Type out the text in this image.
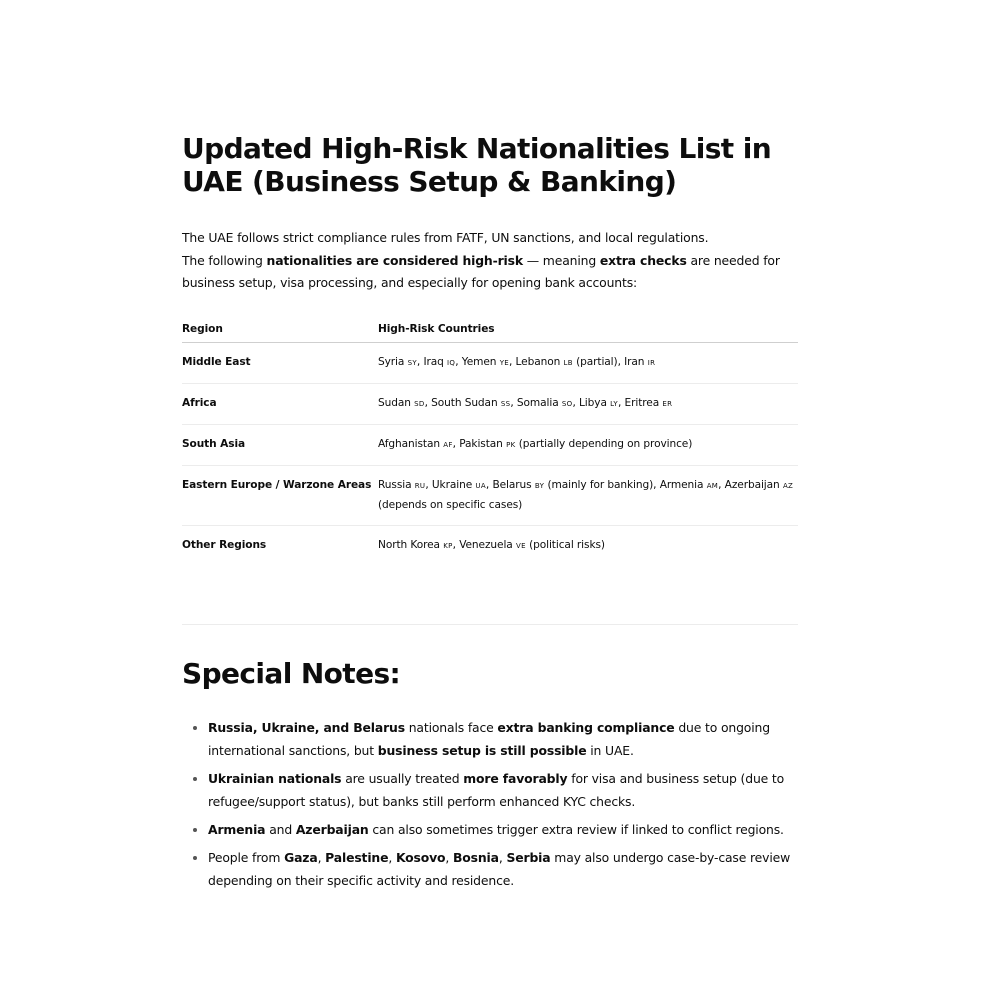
Updated High-Risk Nationalities List in UAE (Business Setup & Banking)

The UAE follows strict compliance rules from FATF, UN sanctions, and local regulations.

The following nationalities are considered high-risk — meaning extra checks are needed for business setup, visa processing, and especially for opening bank accounts:

Region	High-Risk Countries
Middle East	Syria SY, Iraq IQ, Yemen YE, Lebanon LB (partial), Iran IR
Africa	Sudan SD, South Sudan SS, Somalia SO, Libya LY, Eritrea ER
South Asia	Afghanistan AF, Pakistan PK (partially depending on province)
Eastern Europe / Warzone Areas	Russia RU, Ukraine UA, Belarus BY (mainly for banking), Armenia AM, Azerbaijan AZ (depends on specific cases)
Other Regions	North Korea KP, Venezuela VE (political risks)
Special Notes:
• Russia, Ukraine, and Belarus nationals face extra banking compliance due to ongoing international sanctions, but business setup is still possible in UAE.
• Ukrainian nationals are usually treated more favorably for visa and business setup (due to refugee/support status), but banks still perform enhanced KYC checks.
• Armenia and Azerbaijan can also sometimes trigger extra review if linked to conflict regions.
• People from Gaza, Palestine, Kosovo, Bosnia, Serbia may also undergo case-by-case review depending on their specific activity and residence.
